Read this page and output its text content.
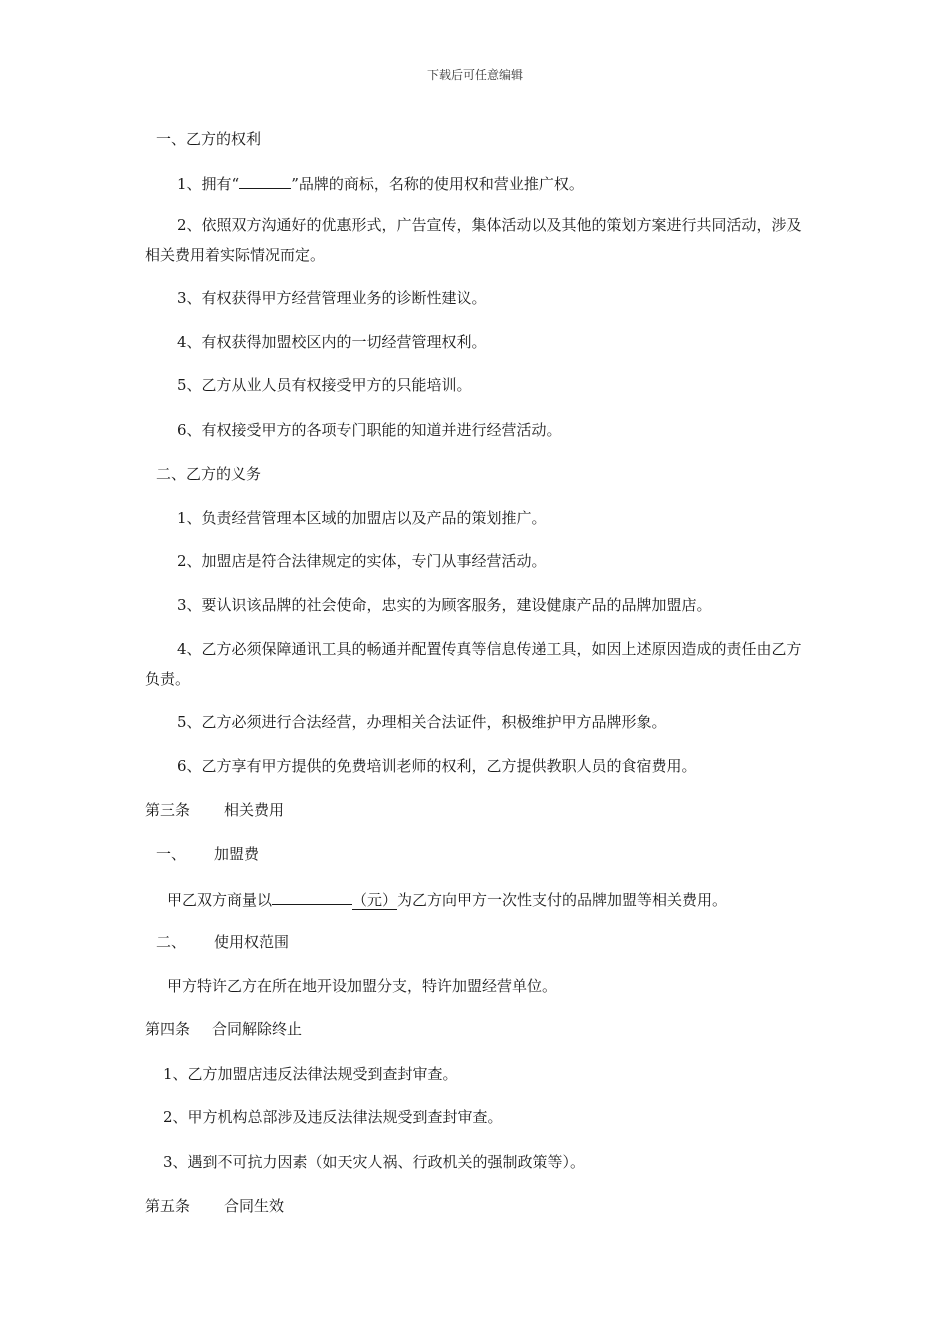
下载后可任意编辑
一、乙方的权利
1、拥有“	”品牌的商标，名称的使用权和营业推广权。
2、依照双方沟通好的优惠形式，广告宣传，集体活动以及其他的策划方案进行共同活动，涉及相关费用着实际情况而定。
3、有权获得甲方经营管理业务的诊断性建议。
4、有权获得加盟校区内的一切经营管理权利。
5、乙方从业人员有权接受甲方的只能培训。
6、有权接受甲方的各项专门职能的知道并进行经营活动。
二、乙方的义务
1、负责经营管理本区域的加盟店以及产品的策划推广。
2、加盟店是符合法律规定的实体，专门从事经营活动。
3、要认识该品牌的社会使命，忠实的为顾客服务，建设健康产品的品牌加盟店。
4、乙方必须保障通讯工具的畅通并配置传真等信息传递工具，如因上述原因造成的责任由乙方负责。
5、乙方必须进行合法经营，办理相关合法证件，积极维护甲方品牌形象。
6、乙方享有甲方提供的免费培训老师的权利，乙方提供教职人员的食宿费用。
第三条 相关费用
一、 加盟费
甲乙双方商量以	（元）为乙方向甲方一次性支付的品牌加盟等相关费用。
二、 使用权范围
甲方特许乙方在所在地开设加盟分支，特许加盟经营单位。
第四条 合同解除终止
1、乙方加盟店违反法律法规受到查封审查。
2、甲方机构总部涉及违反法律法规受到查封审查。
3、遇到不可抗力因素（如天灾人祸、行政机关的强制政策等）。
第五条 合同生效
